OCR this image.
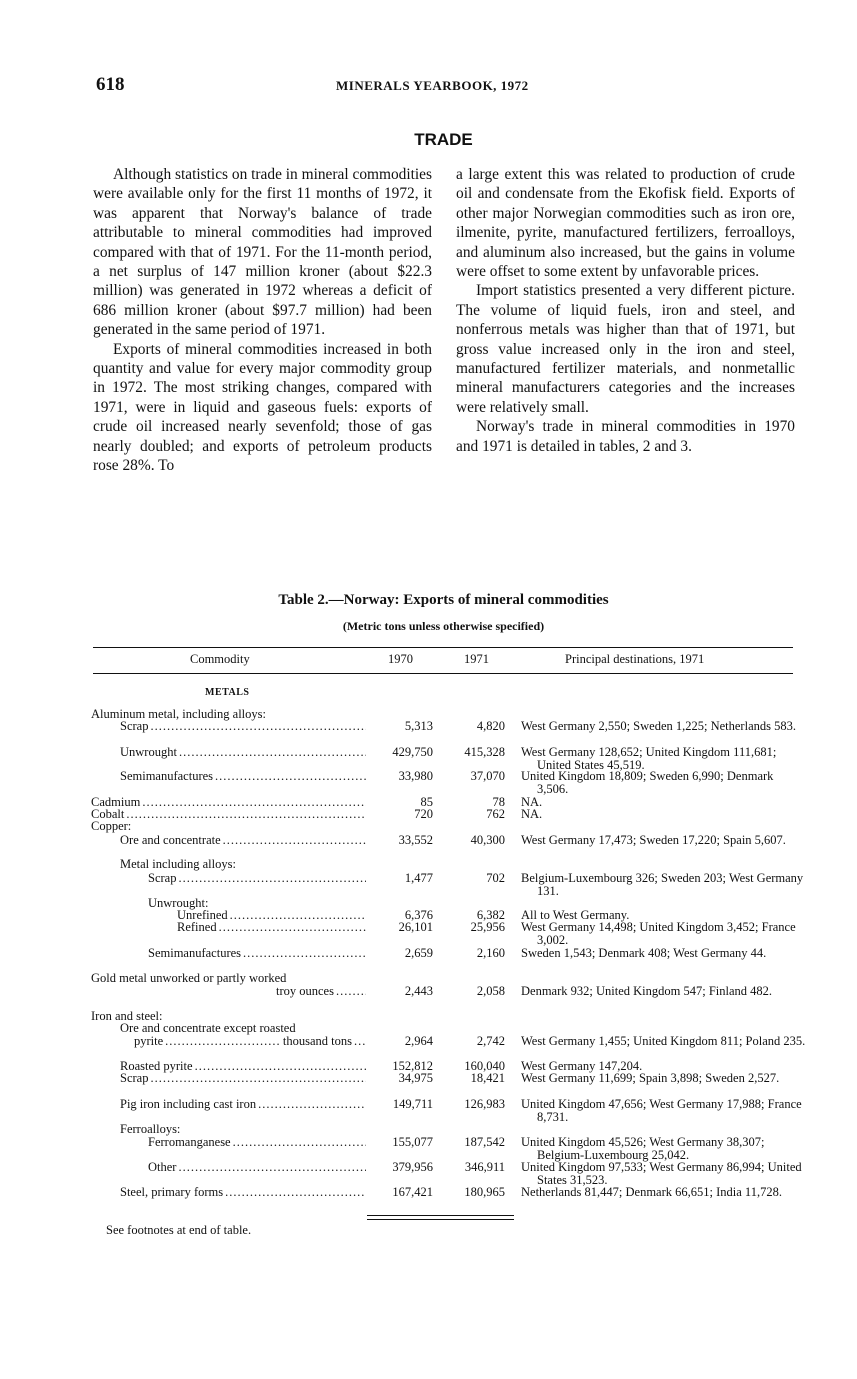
618	MINERALS YEARBOOK, 1972
TRADE

Although statistics on trade in mineral commodities were available only for the first 11 months of 1972, it was apparent that Norway's balance of trade attributable to mineral commodities had improved compared with that of 1971. For the 11-month period, a net surplus of 147 million kroner (about $22.3 million) was generated in 1972 whereas a deficit of 686 million kroner (about $97.7 million) had been generated in the same period of 1971.

Exports of mineral commodities increased in both quantity and value for every major commodity group in 1972. The most striking changes, compared with 1971, were in liquid and gaseous fuels: exports of crude oil increased nearly sevenfold; those of gas nearly doubled; and exports of petroleum products rose 28%. To

a large extent this was related to production of crude oil and condensate from the Ekofisk field. Exports of other major Norwegian commodities such as iron ore, ilmenite, pyrite, manufactured fertilizers, ferroalloys, and aluminum also increased, but the gains in volume were offset to some extent by unfavorable prices.

Import statistics presented a very different picture. The volume of liquid fuels, iron and steel, and nonferrous metals was higher than that of 1971, but gross value increased only in the iron and steel, manufactured fertilizer materials, and nonmetallic mineral manufacturers categories and the increases were relatively small.

Norway's trade in mineral commodities in 1970 and 1971 is detailed in tables, 2 and 3.

Table 2.—Norway: Exports of mineral commodities
(Metric tons unless otherwise specified)
Commodity	1970	1971	Principal destinations, 1971
METALS
Aluminum metal, including alloys:
Scrap .....	5,313	4,820 West Germany 2,550; Sweden 1,225; Netherlands 583.
Unwrought .....	429,750	415,328 West Germany 128,652; United Kingdom 111,681; United States 45,519.
Semimanufactures .....	33,980	37,070 United Kingdom 18,809; Sweden 6,990; Denmark 3,506.
Cadmium .....	85	78 NA.
Cobalt .....	720	762 NA.
Copper:
Ore and concentrate .....	33,552	40,300 West Germany 17,473; Sweden 17,220; Spain 5,607.
Metal including alloys:
Scrap .....	1,477	702 Belgium-Luxembourg 326; Sweden 203; West Germany 131.
Unwrought:
Unrefined .....	6,376	6,382 All to West Germany.
Refined .....	26,101	25,956 West Germany 14,498; United Kingdom 3,452; France 3,002.
Semimanufactures .....	2,659	2,160 Sweden 1,543; Denmark 408; West Germany 44.
Gold metal unworked or partly worked
troy ounces .....	2,443	2,058 Denmark 932; United Kingdom 547; Finland 482.
Iron and steel:
Ore and concentrate except roasted
pyrite	thousand tons ..... .....	2,964	2,742 West Germany 1,455; United Kingdom 811; Poland 235.
Roasted pyrite .....	152,812	160,040 West Germany 147,204.
Scrap .....	34,975	18,421 West Germany 11,699; Spain 3,898; Sweden 2,527.
Pig iron including cast iron .....	149,711	126,983 United Kingdom 47,656; West Germany 17,988; France 8,731.
Ferroalloys:
Ferromanganese .....	155,077	187,542 United Kingdom 45,526; West Germany 38,307; Belgium-Luxembourg 25,042.
Other .....	379,956	346,911 United Kingdom 97,533; West Germany 86,994; United States 31,523.
Steel, primary forms .....	167,421	180,965 Netherlands 81,447; Denmark 66,651; India 11,728.
See footnotes at end of table.
